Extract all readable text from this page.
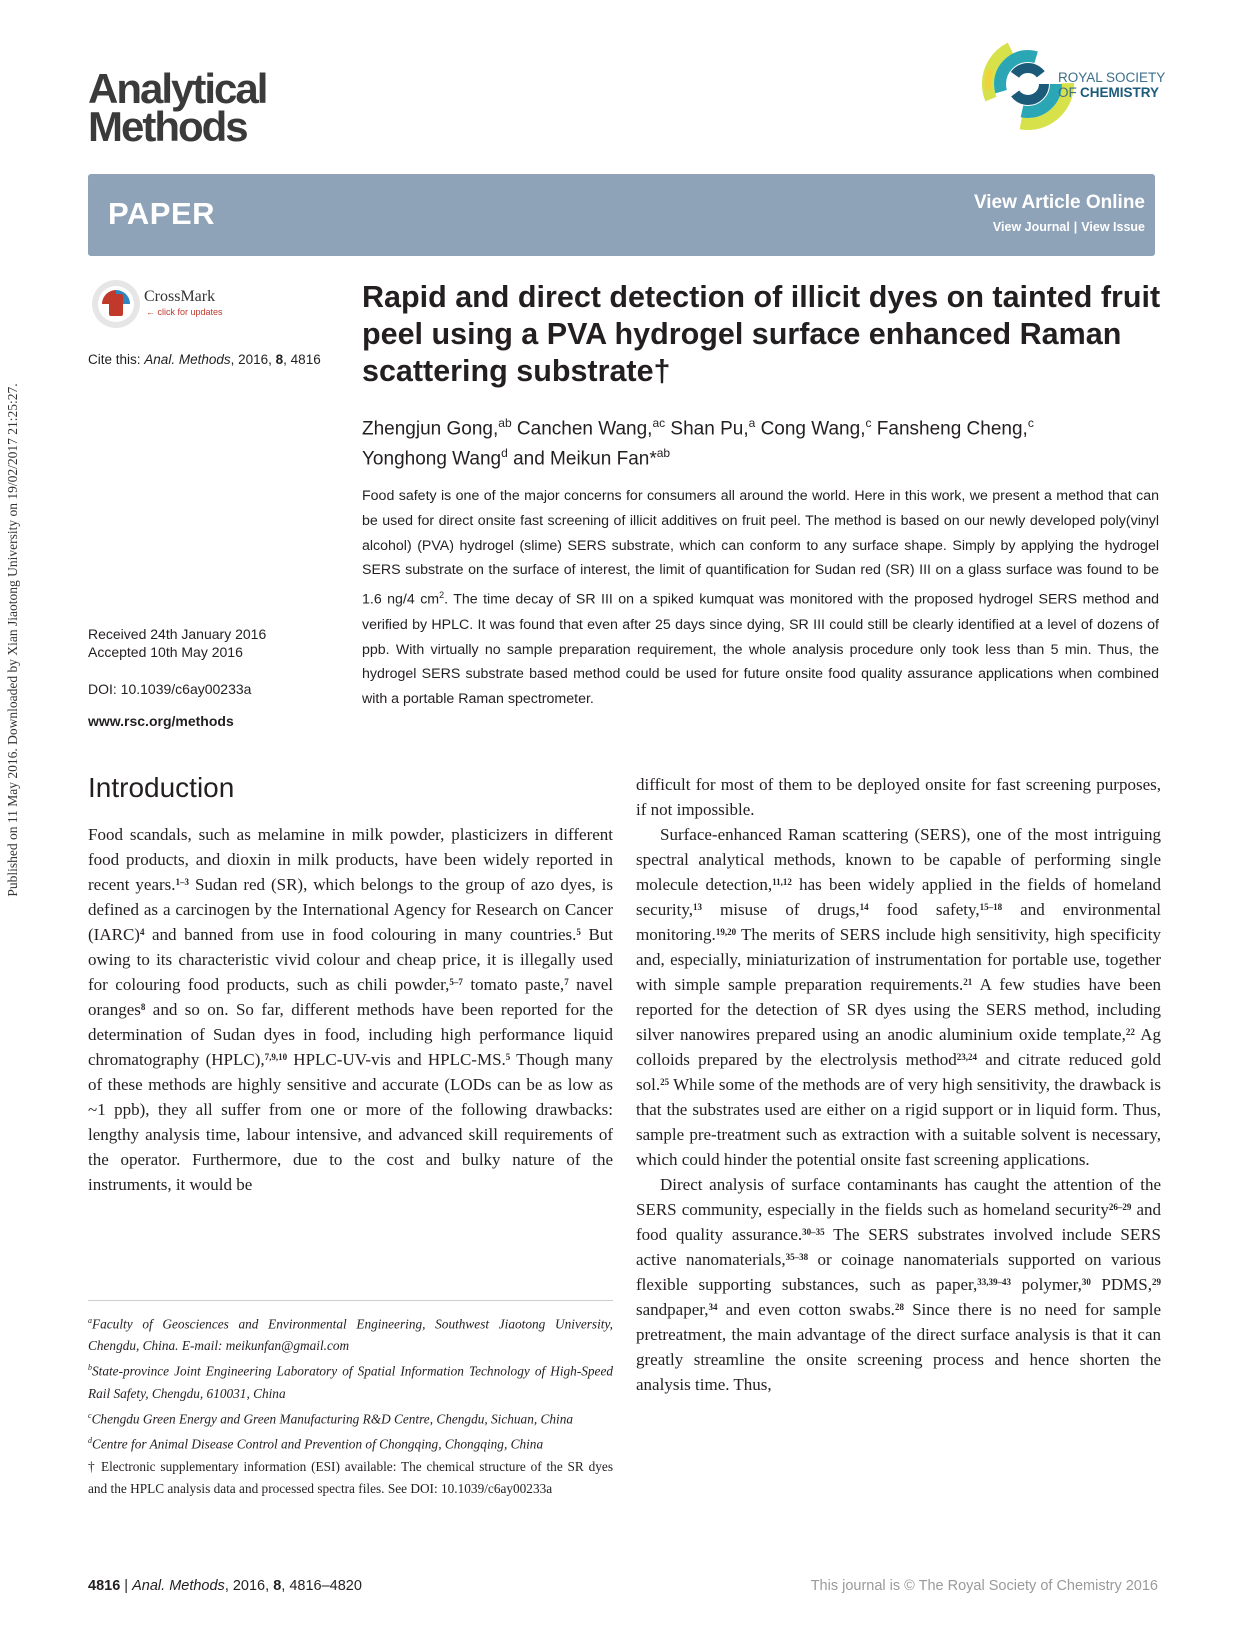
Published on 11 May 2016. Downloaded by Xian Jiaotong University on 19/02/2017 21:25:27.
Analytical
Methods
ROYAL SOCIETY
OF CHEMISTRY
PAPER	View Article Online
View Journal | View Issue
CrossMark
← click for updates
Cite this: Anal. Methods, 2016, 8, 4816
Rapid and direct detection of illicit dyes on tainted fruit peel using a PVA hydrogel surface enhanced Raman scattering substrate†
Zhengjun Gong,$^{ab}$ Canchen Wang,$^{ac}$ Shan Pu,$^a$ Cong Wang,$^c$ Fansheng Cheng,$^c$
Yonghong Wang$^d$ and Meikun Fan*$^{ab}$
Food safety is one of the major concerns for consumers all around the world. Here in this work, we present a method that can be used for direct onsite fast screening of illicit additives on fruit peel. The method is based on our newly developed poly(vinyl alcohol) (PVA) hydrogel (slime) SERS substrate, which can conform to any surface shape. Simply by applying the hydrogel SERS substrate on the surface of interest, the limit of quantification for Sudan red (SR) III on a glass surface was found to be 1.6 ng/4 $cm^2$. The time decay of SR III on a spiked kumquat was monitored with the proposed hydrogel SERS method and verified by HPLC. It was found that even after 25 days since dying, SR III could still be clearly identified at a level of dozens of ppb. With virtually no sample preparation requirement, the whole analysis procedure only took less than 5 min. Thus, the hydrogel SERS substrate based method could be used for future onsite food quality assurance applications when combined with a portable Raman spectrometer.
Received 24th January 2016
Accepted 10th May 2016
DOI: 10.1039/c6ay00233a
www.rsc.org/methods
Introduction

Food scandals, such as melamine in milk powder, plasticizers in different food products, and dioxin in milk products, have been widely reported in recent years.$^{1-3}$ Sudan red (SR), which belongs to the group of azo dyes, is defined as a carcinogen by the International Agency for Research on Cancer (IARC)$^4$ and banned from use in food colouring in many countries.$^5$ But owing to its characteristic vivid colour and cheap price, it is illegally used for colouring food products, such as chili powder,$^{5-7}$ tomato paste,$^7$ navel oranges$^8$ and so on. So far, different methods have been reported for the determination of Sudan dyes in food, including high performance liquid chromatography (HPLC),$^{7,9,10}$ HPLC-UV-vis and HPLC-MS.$^5$ Though many of these methods are highly sensitive and accurate (LODs can be as low as ~1 ppb), they all suffer from one or more of the following drawbacks: lengthy analysis time, labour intensive, and advanced skill requirements of the operator. Furthermore, due to the cost and bulky nature of the instruments, it would be

difficult for most of them to be deployed onsite for fast screening purposes, if not impossible.

Surface-enhanced Raman scattering (SERS), one of the most intriguing spectral analytical methods, known to be capable of performing single molecule detection,$^{11,12}$ has been widely applied in the fields of homeland security,$^{13}$ misuse of drugs,$^{14}$ food safety,$^{15-18}$ and environmental monitoring.$^{19,20}$ The merits of SERS include high sensitivity, high specificity and, especially, miniaturization of instrumentation for portable use, together with simple sample preparation requirements.$^{21}$ A few studies have been reported for the detection of SR dyes using the SERS method, including silver nanowires prepared using an anodic aluminium oxide template,$^{22}$ Ag colloids prepared by the electrolysis method$^{23,24}$ and citrate reduced gold sol.$^{25}$ While some of the methods are of very high sensitivity, the drawback is that the substrates used are either on a rigid support or in liquid form. Thus, sample pre-treatment such as extraction with a suitable solvent is necessary, which could hinder the potential onsite fast screening applications.

Direct analysis of surface contaminants has caught the attention of the SERS community, especially in the fields such as homeland security$^{26-29}$ and food quality assurance.$^{30-35}$ The SERS substrates involved include SERS active nanomaterials,$^{35-38}$ or coinage nanomaterials supported on various flexible supporting substances, such as paper,$^{33,39-43}$ polymer,$^{30}$ PDMS,$^{29}$ sandpaper,$^{34}$ and even cotton swabs.$^{28}$ Since there is no need for sample pretreatment, the main advantage of the direct surface analysis is that it can greatly streamline the onsite screening process and hence shorten the analysis time. Thus,

$^a$Faculty of Geosciences and Environmental Engineering, Southwest Jiaotong University, Chengdu, China. E-mail: meikunfan@gmail.com

$^b$State-province Joint Engineering Laboratory of Spatial Information Technology of High-Speed Rail Safety, Chengdu, 610031, China

$^c$Chengdu Green Energy and Green Manufacturing R&D Centre, Chengdu, Sichuan, China

$^d$Centre for Animal Disease Control and Prevention of Chongqing, Chongqing, China

† Electronic supplementary information (ESI) available: The chemical structure of the SR dyes and the HPLC analysis data and processed spectra files. See DOI: 10.1039/c6ay00233a

4816 | Anal. Methods, 2016, 8, 4816–4820	This journal is © The Royal Society of Chemistry 2016
